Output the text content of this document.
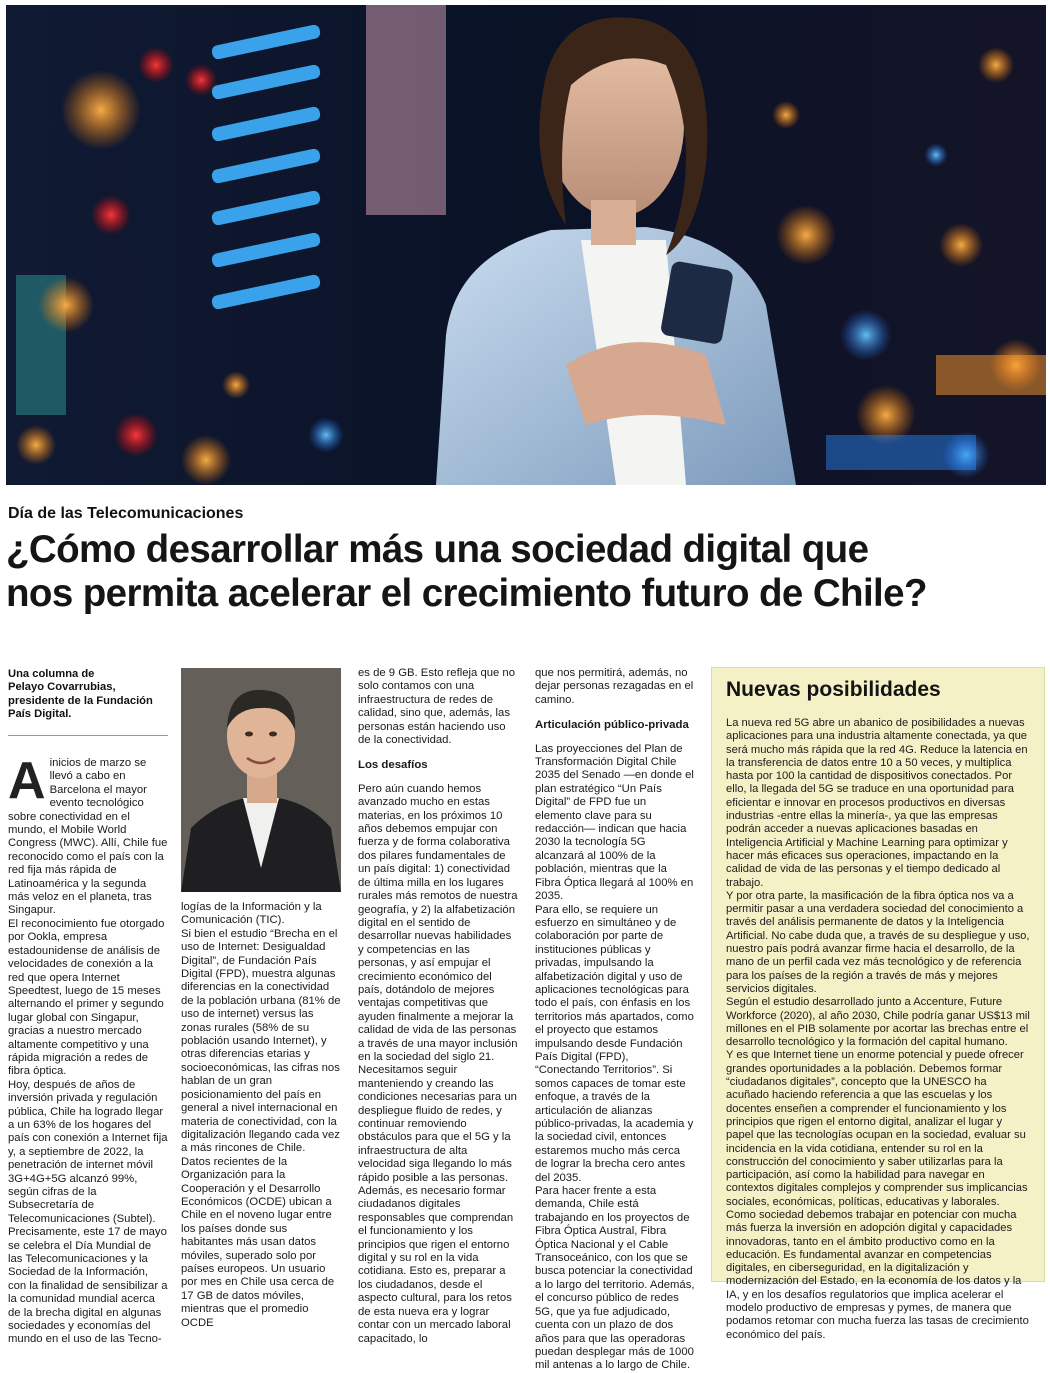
Día de las Telecomunicaciones
¿Cómo desarrollar más una sociedad digital que
nos permita acelerar el crecimiento futuro de Chile?
Una columna de
Pelayo Covarrubias,
presidente de la Fundación
País Digital.

Ainicios de marzo se llevó a cabo en Barcelona el mayor evento tecnológico sobre conectividad en el mundo, el Mobile World Congress (MWC). Allí, Chile fue reconocido como el país con la red fija más rápida de Latinoamérica y la segunda más veloz en el planeta, tras Singapur.

El reconocimiento fue otorgado por Ookla, empresa estadounidense de análisis de velocidades de conexión a la red que opera Internet Speedtest, luego de 15 meses alternando el primer y segundo lugar global con Singapur, gracias a nuestro mercado altamente competitivo y una rápida migración a redes de fibra óptica.

Hoy, después de años de inversión privada y regulación pública, Chile ha logrado llegar a un 63% de los hogares del país con conexión a Internet fija y, a septiembre de 2022, la penetración de internet móvil 3G+4G+5G alcanzó 99%, según cifras de la Subsecretaría de Telecomunicaciones (Subtel).

Precisamente, este 17 de mayo se celebra el Día Mundial de las Telecomunicaciones y la Sociedad de la Información, con la finalidad de sensibilizar a la comunidad mundial acerca de la brecha digital en algunas sociedades y economías del mundo en el uso de las Tecno-

logías de la Información y la Comunicación (TIC).

Si bien el estudio “Brecha en el uso de Internet: Desigualdad Digital”, de Fundación País Digital (FPD), muestra algunas diferencias en la conectividad de la población urbana (81% de uso de internet) versus las zonas rurales (58% de su población usando Internet), y otras diferencias etarias y socioeconómicas, las cifras nos hablan de un gran posicionamiento del país en general a nivel internacional en materia de conectividad, con la digitalización llegando cada vez a más rincones de Chile.

Datos recientes de la Organización para la Cooperación y el Desarrollo Económicos (OCDE) ubican a Chile en el noveno lugar entre los países donde sus habitantes más usan datos móviles, superado solo por países europeos. Un usuario por mes en Chile usa cerca de 17 GB de datos móviles, mientras que el promedio OCDE

es de 9 GB. Esto refleja que no solo contamos con una infraestructura de redes de calidad, sino que, además, las personas están haciendo uso de la conectividad.

Los desafíos

Pero aún cuando hemos avanzado mucho en estas materias, en los próximos 10 años debemos empujar con fuerza y de forma colaborativa dos pilares fundamentales de un país digital: 1) conectividad de última milla en los lugares rurales más remotos de nuestra geografía, y 2) la alfabetización digital en el sentido de desarrollar nuevas habilidades y competencias en las personas, y así empujar el crecimiento económico del país, dotándolo de mejores ventajas competitivas que ayuden finalmente a mejorar la calidad de vida de las personas a través de una mayor inclusión en la sociedad del siglo 21.

Necesitamos seguir manteniendo y creando las condiciones necesarias para un despliegue fluido de redes, y continuar removiendo obstáculos para que el 5G y la infraestructura de alta velocidad siga llegando lo más rápido posible a las personas.

Además, es necesario formar ciudadanos digitales responsables que comprendan el funcionamiento y los principios que rigen el entorno digital y su rol en la vida cotidiana. Esto es, preparar a los ciudadanos, desde el aspecto cultural, para los retos de esta nueva era y lograr contar con un mercado laboral capacitado, lo

que nos permitirá, además, no dejar personas rezagadas en el camino.

Articulación público-privada

Las proyecciones del Plan de Transformación Digital Chile 2035 del Senado —en donde el plan estratégico “Un País Digital” de FPD fue un elemento clave para su redacción— indican que hacia 2030 la tecnología 5G alcanzará al 100% de la población, mientras que la Fibra Óptica llegará al 100% en 2035.

Para ello, se requiere un esfuerzo en simultáneo y de colaboración por parte de instituciones públicas y privadas, impulsando la alfabetización digital y uso de aplicaciones tecnológicas para todo el país, con énfasis en los territorios más apartados, como el proyecto que estamos impulsando desde Fundación País Digital (FPD), “Conectando Territorios”. Si somos capaces de tomar este enfoque, a través de la articulación de alianzas público-privadas, la academia y la sociedad civil, entonces estaremos mucho más cerca de lograr la brecha cero antes del 2035.

Para hacer frente a esta demanda, Chile está trabajando en los proyectos de Fibra Óptica Austral, Fibra Óptica Nacional y el Cable Transoceánico, con los que se busca potenciar la conectividad a lo largo del territorio. Además, el concurso público de redes 5G, que ya fue adjudicado, cuenta con un plazo de dos años para que las operadoras puedan desplegar más de 1000 mil antenas a lo largo de Chile.

Nuevas posibilidades

La nueva red 5G abre un abanico de posibilidades a nuevas aplicaciones para una industria altamente conectada, ya que será mucho más rápida que la red 4G. Reduce la latencia en la transferencia de datos entre 10 a 50 veces, y multiplica hasta por 100 la cantidad de dispositivos conectados. Por ello, la llegada del 5G se traduce en una oportunidad para eficientar e innovar en procesos productivos en diversas industrias -entre ellas la minería-, ya que las empresas podrán acceder a nuevas aplicaciones basadas en Inteligencia Artificial y Machine Learning para optimizar y hacer más eficaces sus operaciones, impactando en la calidad de vida de las personas y el tiempo dedicado al trabajo.

Y por otra parte, la masificación de la fibra óptica nos va a permitir pasar a una verdadera sociedad del conocimiento a través del análisis permanente de datos y la Inteligencia Artificial. No cabe duda que, a través de su despliegue y uso, nuestro país podrá avanzar firme hacia el desarrollo, de la mano de un perfil cada vez más tecnológico y de referencia para los países de la región a través de más y mejores servicios digitales.

Según el estudio desarrollado junto a Accenture, Future Workforce (2020), al año 2030, Chile podría ganar US$13 mil millones en el PIB solamente por acortar las brechas entre el desarrollo tecnológico y la formación del capital humano.

Y es que Internet tiene un enorme potencial y puede ofrecer grandes oportunidades a la población. Debemos formar “ciudadanos digitales”, concepto que la UNESCO ha acuñado haciendo referencia a que las escuelas y los docentes enseñen a comprender el funcionamiento y los principios que rigen el entorno digital, analizar el lugar y papel que las tecnologías ocupan en la sociedad, evaluar su incidencia en la vida cotidiana, entender su rol en la construcción del conocimiento y saber utilizarlas para la participación, así como la habilidad para navegar en contextos digitales complejos y comprender sus implicancias sociales, económicas, políticas, educativas y laborales.

Como sociedad debemos trabajar en potenciar con mucha más fuerza la inversión en adopción digital y capacidades innovadoras, tanto en el ámbito productivo como en la educación. Es fundamental avanzar en competencias digitales, en ciberseguridad, en la digitalización y modernización del Estado, en la economía de los datos y la IA, y en los desafíos regulatorios que implica acelerar el modelo productivo de empresas y pymes, de manera que podamos retomar con mucha fuerza las tasas de crecimiento económico del país.
